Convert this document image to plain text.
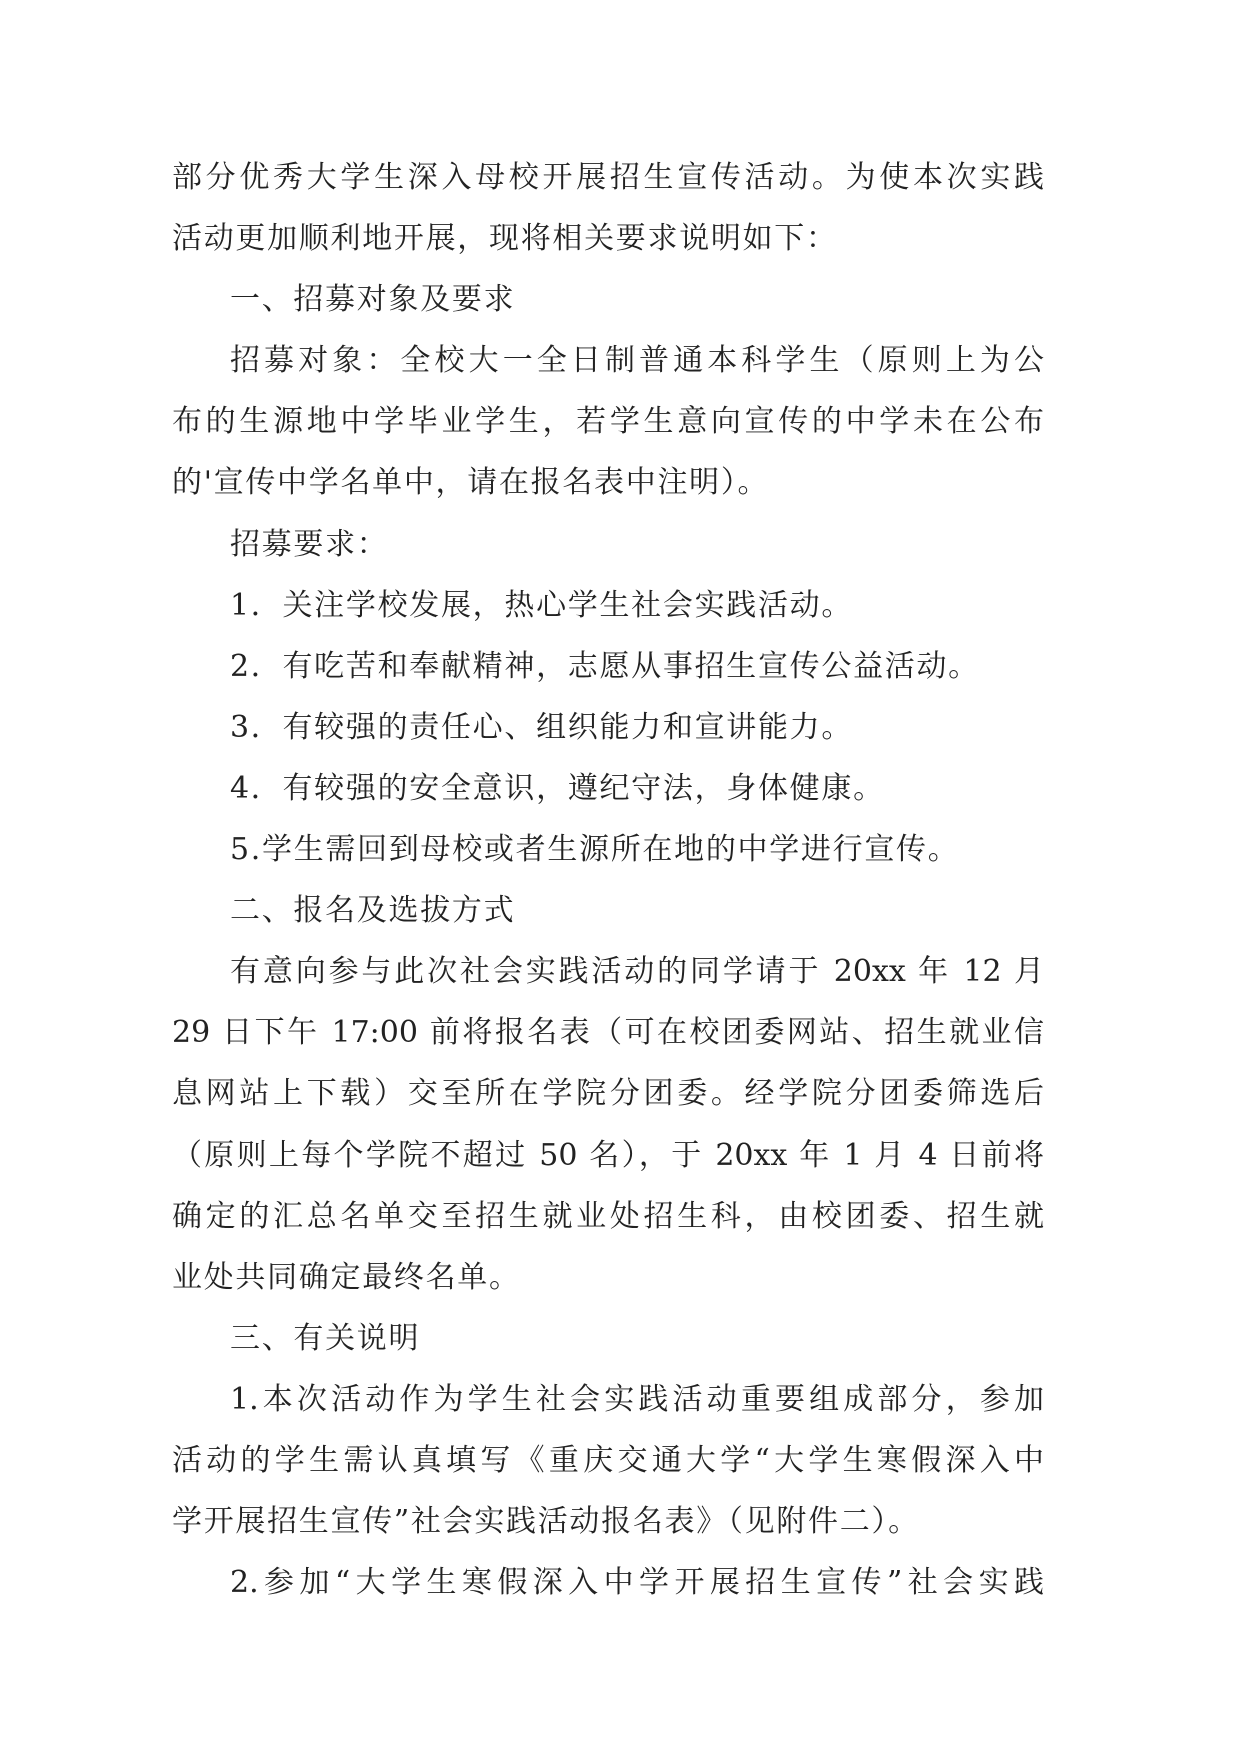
部分优秀大学生深入母校开展招生宣传活动。为使本次实践
活动更加顺利地开展，现将相关要求说明如下：
一、招募对象及要求
招募对象：全校大一全日制普通本科学生（原则上为公
布的生源地中学毕业学生，若学生意向宣传的中学未在公布
的'宣传中学名单中，请在报名表中注明）。
招募要求：
1．关注学校发展，热心学生社会实践活动。
2．有吃苦和奉献精神，志愿从事招生宣传公益活动。
3．有较强的责任心、组织能力和宣讲能力。
4．有较强的安全意识，遵纪守法，身体健康。
5.学生需回到母校或者生源所在地的中学进行宣传。
二、报名及选拔方式
有意向参与此次社会实践活动的同学请于 20xx 年 12 月
29 日下午 17:00 前将报名表（可在校团委网站、招生就业信
息网站上下载）交至所在学院分团委。经学院分团委筛选后
（原则上每个学院不超过 50 名），于 20xx 年 1 月 4 日前将
确定的汇总名单交至招生就业处招生科，由校团委、招生就
业处共同确定最终名单。
三、有关说明
1.本次活动作为学生社会实践活动重要组成部分，参加
活动的学生需认真填写《重庆交通大学“大学生寒假深入中
学开展招生宣传”社会实践活动报名表》（见附件二）。
2.参加“大学生寒假深入中学开展招生宣传”社会实践
